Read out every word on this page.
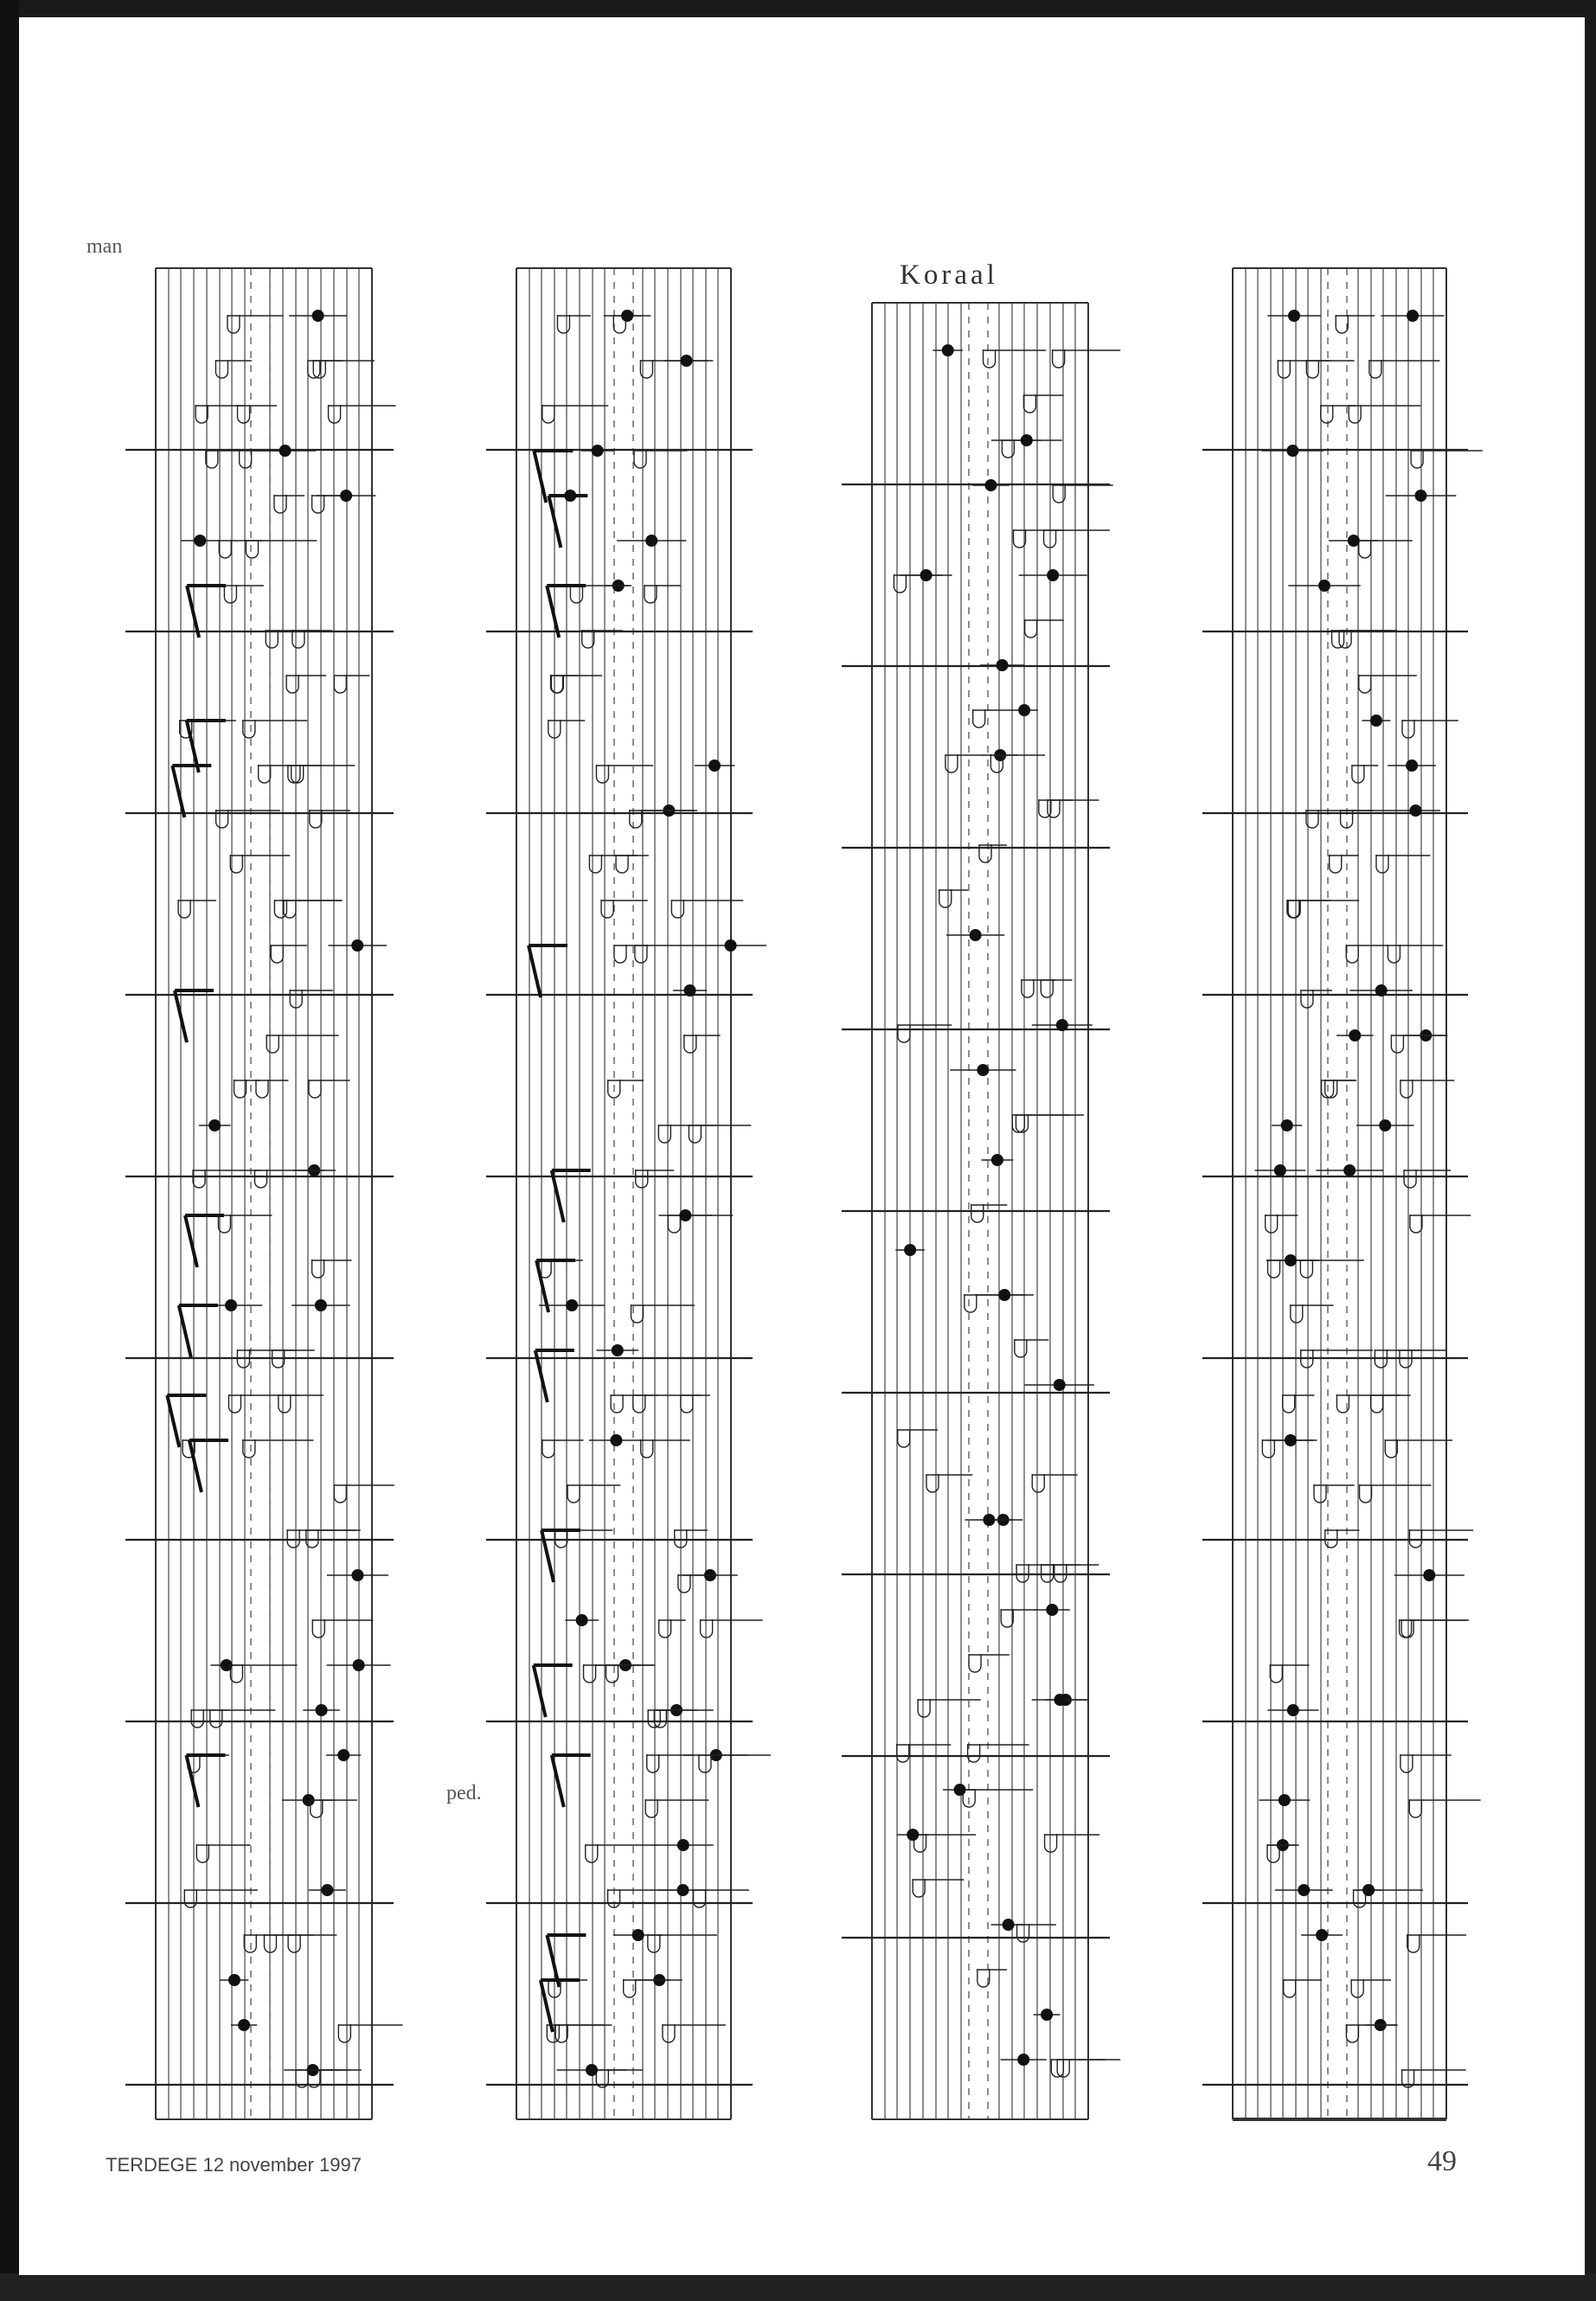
man
ped.
Koraal
TERDEGE 12 november 1997	49
